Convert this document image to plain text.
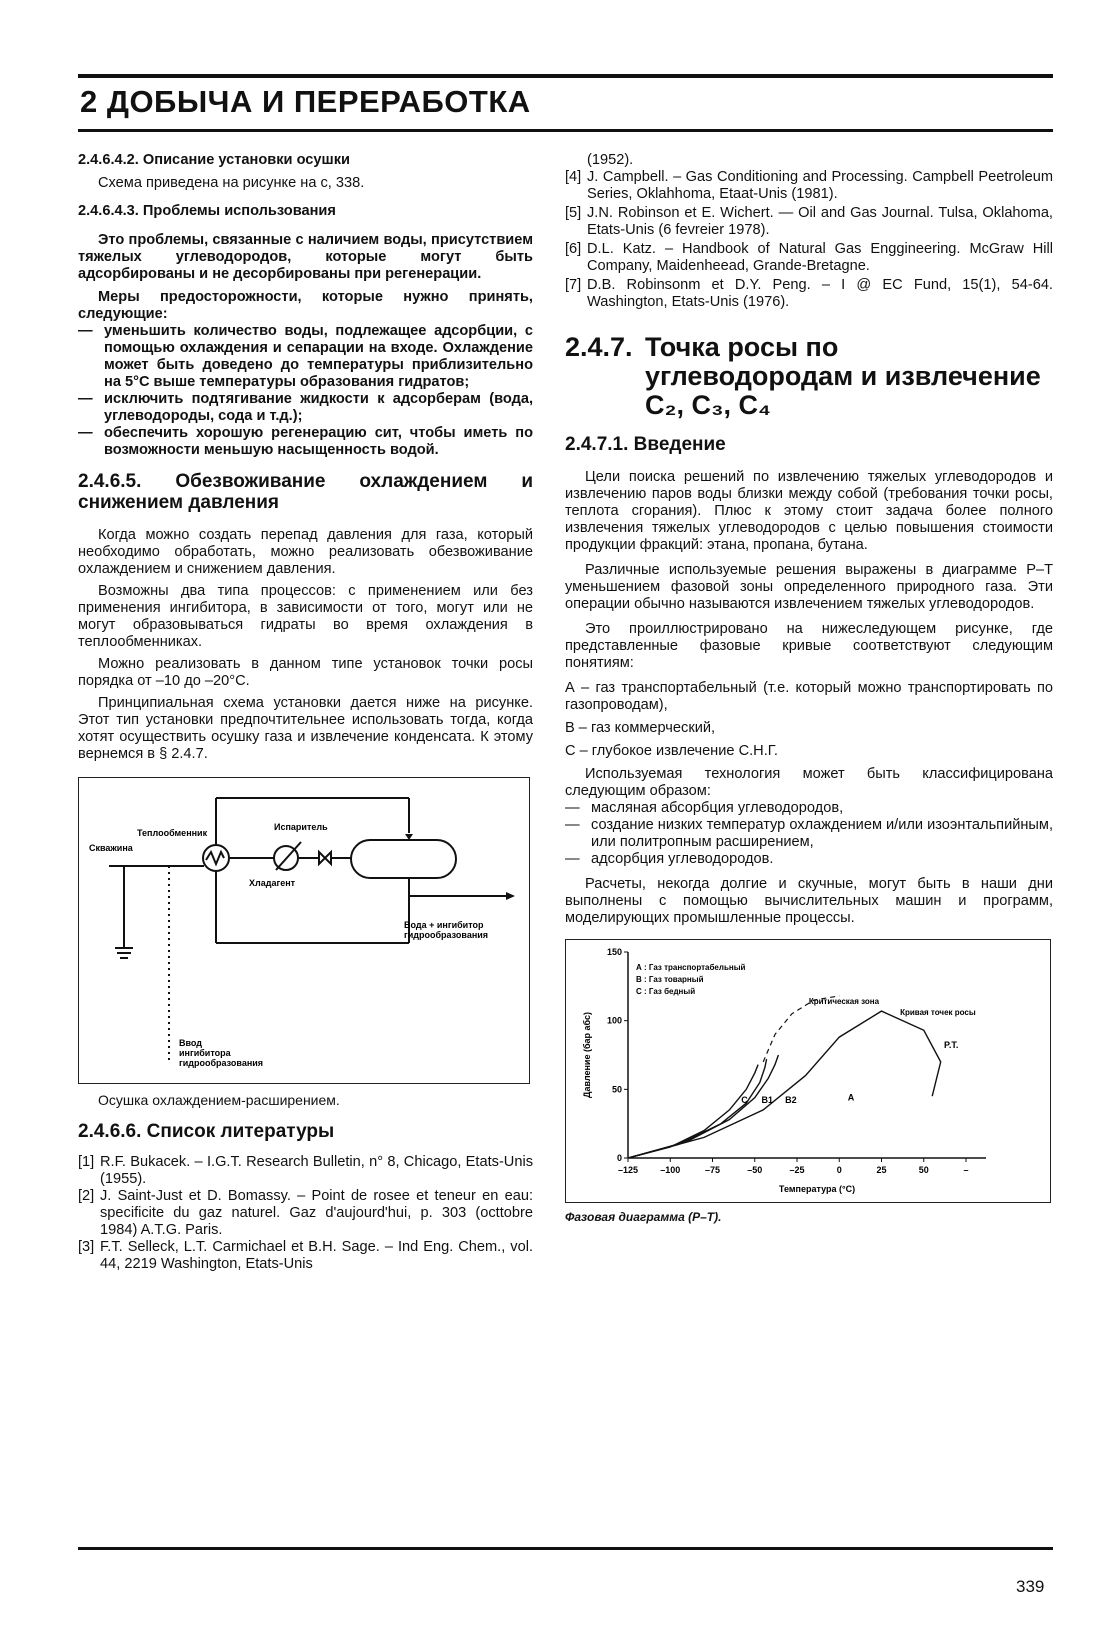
2 ДОБЫЧА И ПЕРЕРАБОТКА

2.4.6.4.2. Описание установки осушки

Схема приведена на рисунке на с, 338.

2.4.6.4.3. Проблемы использования

Это проблемы, связанные с наличием воды, присутствием тяжелых углеводородов, которые могут быть адсорбированы и не десорбированы при регенерации.

Меры предосторожности, которые нужно принять, следующие:

— уменьшить количество воды, подлежащее адсорбции, с помощью охлаждения и сепарации на входе. Охлаждение может быть доведено до температуры приблизительно на 5°С выше температуры образования гидратов;
— исключить подтягивание жидкости к адсорберам (вода, углеводороды, сода и т.д.);
— обеспечить хорошую регенерацию сит, чтобы иметь по возможности меньшую насыщенность водой.

2.4.6.5. Обезвоживание охлаждением и снижением давления

Когда можно создать перепад давления для газа, который необходимо обработать, можно реализовать обезвоживание охлаждением и снижением давления.

Возможны два типа процессов: с применением или без применения ингибитора, в зависимости от того, могут или не могут образовываться гидраты во время охлаждения в теплообменниках.

Можно реализовать в данном типе установок точки росы порядка от –10 до –20°С.

Принципиальная схема установки дается ниже на рисунке. Этот тип установки предпочтительнее использовать тогда, когда хотят осуществить осушку газа и извлечение конденсата. К этому вернемся в § 2.4.7.

Теплообменник
Скважина
Испаритель
Хладагент
Вода + ингибитор
гидрообразования
Ввод
ингибитора
гидрообразования

Осушка охлаждением-расширением.

2.4.6.6. Список литературы

[1] R.F. Bukacek. – I.G.T. Research Bulletin, n° 8, Chicago, Etats-Unis (1955).
[2] J. Saint-Just et D. Bomassy. – Point de rosee et teneur en eau: specificite du gaz naturel. Gaz d'aujourd'hui, p. 303 (octtobre 1984) A.T.G. Paris.
[3] F.T. Selleck, L.T. Carmichael et B.H. Sage. – Ind Eng. Chem., vol. 44, 2219 Washington, Etats-Unis

(1952).

[4] J. Campbell. – Gas Conditioning and Processing. Campbell Peetroleum Series, Oklahhoma, Etaat-Unis (1981).
[5] J.N. Robinson et E. Wichert. — Oil and Gas Journal. Tulsa, Oklahoma, Etats-Unis (6 fevreier 1978).
[6] D.L. Katz. – Handbook of Natural Gas Enggineering. McGraw Hill Company, Maidenheead, Grande-Bretagne.
[7] D.B. Robinsonm et D.Y. Peng. – I @ EC Fund, 15(1), 54-64. Washington, Etats-Unis (1976).
2.4.7. Точка росы по углеводородам и извлечение C₂, C₃, C₄

2.4.7.1. Введение

Цели поиска решений по извлечению тяжелых углеводородов и извлечению паров воды близки между собой (требования точки росы, теплота сгорания). Плюс к этому стоит задача более полного извлечения тяжелых углеводородов с целью повышения стоимости продукции фракций: этана, пропана, бутана.

Различные используемые решения выражены в диаграмме P–T уменьшением фазовой зоны определенного природного газа. Эти операции обычно называются извлечением тяжелых углеводородов.

Это проиллюстрировано на нижеследующем рисунке, где представленные фазовые кривые соответствуют следующим понятиям:

А – газ транспортабельный (т.е. который можно транспортировать по газопроводам),

В – газ коммерческий,

С – глубокое извлечение С.Н.Г.

Используемая технология может быть классифицирована следующим образом:

— масляная абсорбция углеводородов,
— создание низких температур охлаждением и/или изоэнтальпийным, или политропным расширением,
— адсорбция углеводородов.

Расчеты, некогда долгие и скучные, могут быть в наши дни выполнены с помощью вычислительных машин и программ, моделирующих промышленные процессы.

150
100
50
0
–125 –100	–75	–50	–25	0	25	50	–
Температура (°С)
Давление (бар абс)
А : Газ транспортабельный
В : Газ товарный
С : Газ бедный
C B1 B2	A
Критическая зона
Кривая точек росы
P.T.

Фазовая диаграмма (P–T).

339
